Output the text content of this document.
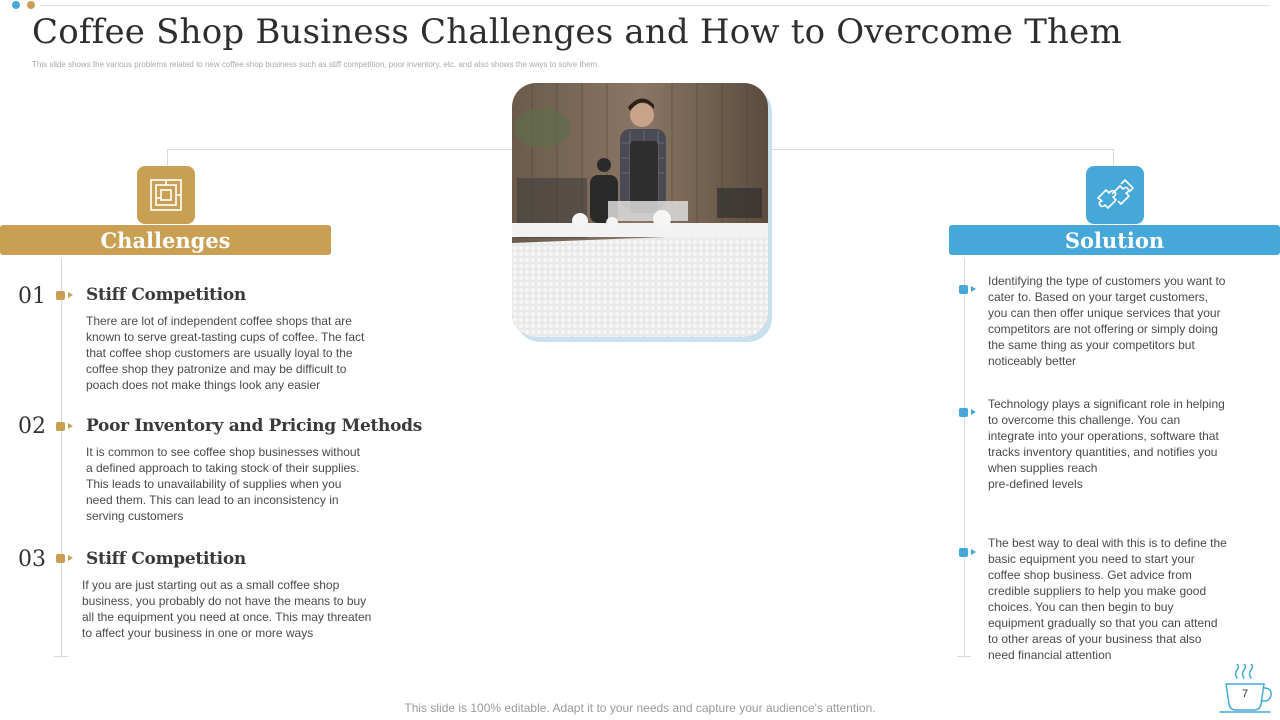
Coffee Shop Business Challenges and How to Overcome Them
This slide shows the various problems related to new coffee shop business such as stiff competition, poor inventory, etc. and also shows the ways to solve them.
Challenges
01 Stiff Competition
There are lot of independent coffee shops that are
known to serve great-tasting cups of coffee. The fact
that coffee shop customers are usually loyal to the
coffee shop they patronize and may be difficult to
poach does not make things look any easier
02 Poor Inventory and Pricing Methods
It is common to see coffee shop businesses without
a defined approach to taking stock of their supplies.
This leads to unavailability of supplies when you
need them. This can lead to an inconsistency in
serving customers
03 Stiff Competition
If you are just starting out as a small coffee shop
business, you probably do not have the means to buy
all the equipment you need at once. This may threaten
to affect your business in one or more ways
Solution
Identifying the type of customers you want to
cater to. Based on your target customers,
you can then offer unique services that your
competitors are not offering or simply doing
the same thing as your competitors but
noticeably better
Technology plays a significant role in helping
to overcome this challenge. You can
integrate into your operations, software that
tracks inventory quantities, and notifies you
when supplies reach
pre-defined levels
The best way to deal with this is to define the
basic equipment you need to start your
coffee shop business. Get advice from
credible suppliers to help you make good
choices. You can then begin to buy
equipment gradually so that you can attend
to other areas of your business that also
need financial attention
This slide is 100% editable. Adapt it to your needs and capture your audience's attention.
7
